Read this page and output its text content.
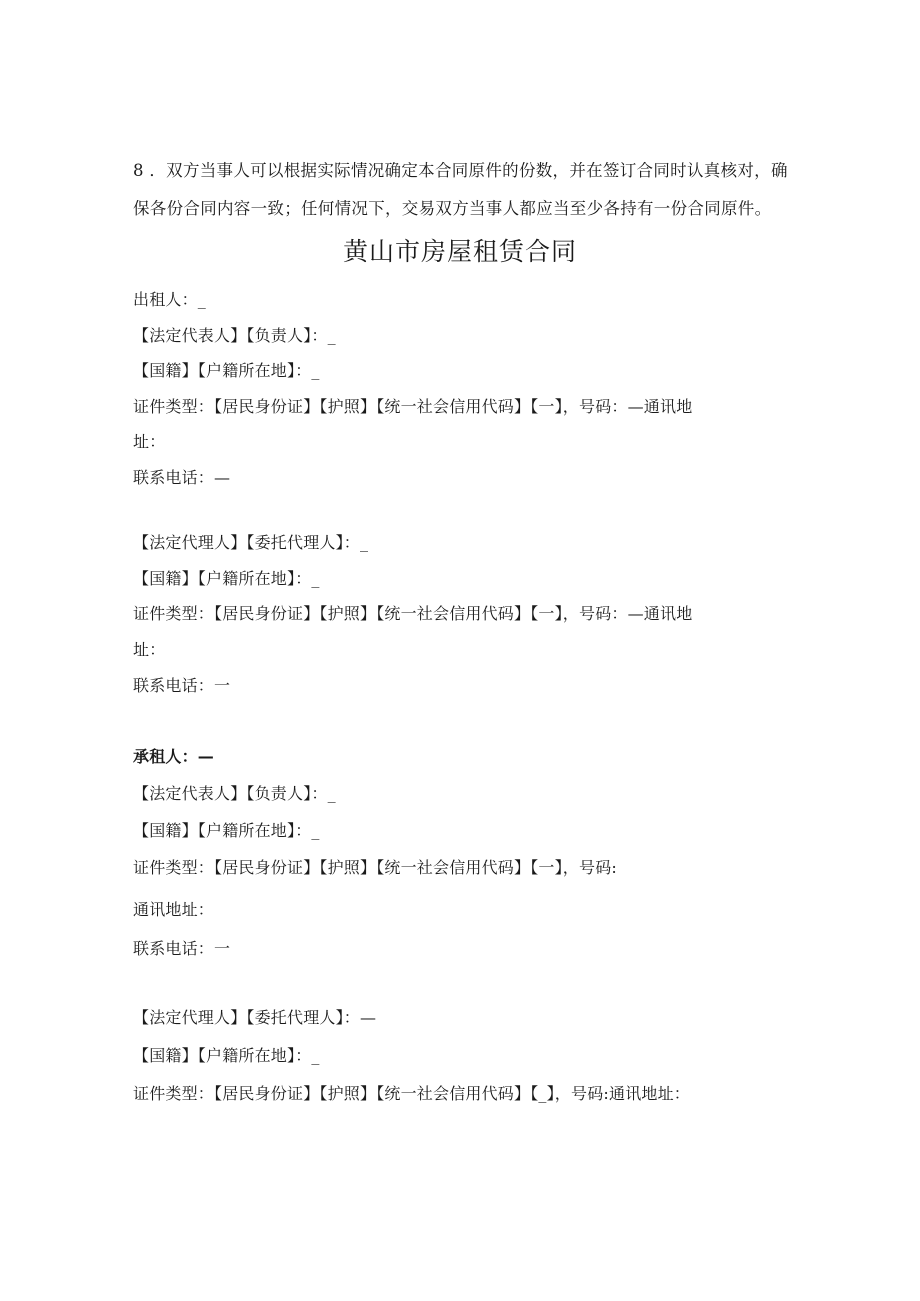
8 ．双方当事人可以根据实际情况确定本合同原件的份数，并在签订合同时认真核对，确
保各份合同内容一致；任何情况下，交易双方当事人都应当至少各持有一份合同原件。
黄山市房屋租赁合同
出租人：_
【法定代表人】【负责人】：_
【国籍】【户籍所在地】：_
证件类型：【居民身份证】【护照】【统一社会信用代码】【一】，号码：—通讯地
址：
联系电话：—
【法定代理人】【委托代理人】：_
【国籍】【户籍所在地】：_
证件类型：【居民身份证】【护照】【统一社会信用代码】【一】，号码：—通讯地
址：
联系电话：一
承租人：—
【法定代表人】【负责人】：_
【国籍】【户籍所在地】：_
证件类型：【居民身份证】【护照】【统一社会信用代码】【一】，号码:
通讯地址：
联系电话：一
【法定代理人】【委托代理人】：—
【国籍】【户籍所在地】：_
证件类型：【居民身份证】【护照】【统一社会信用代码】【_】，号码:通讯地址：
